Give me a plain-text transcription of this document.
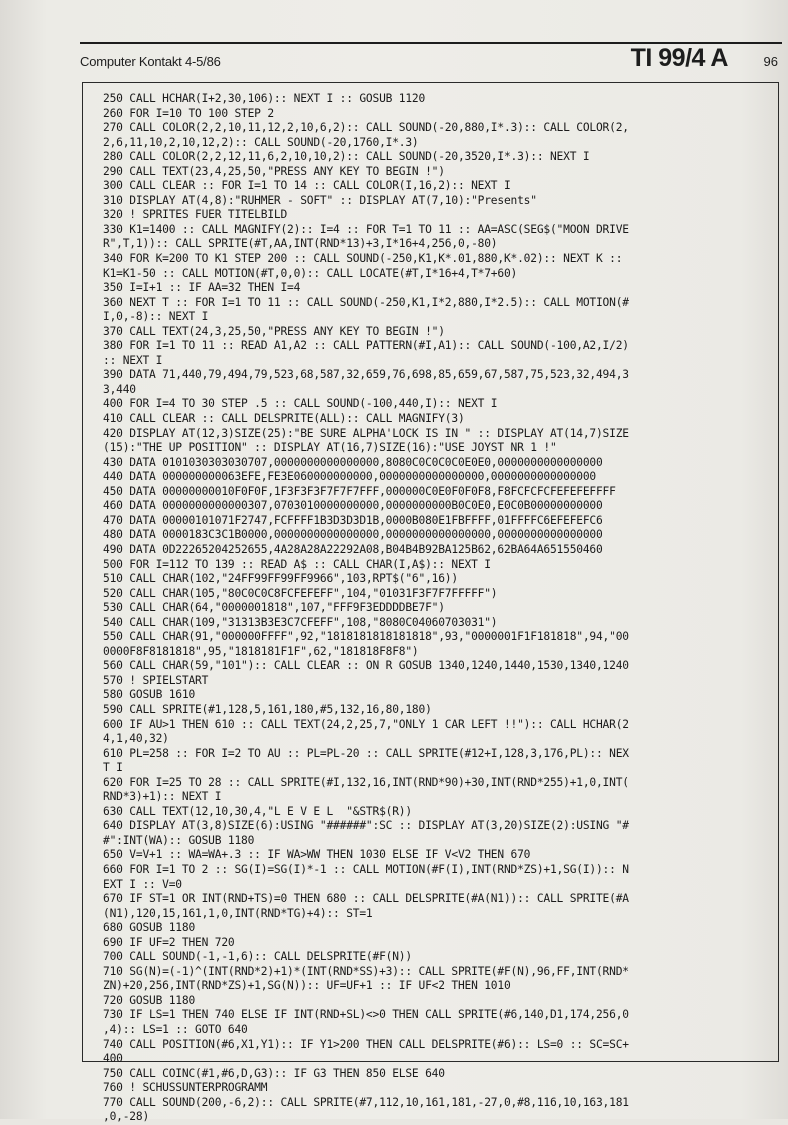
Computer Kontakt 4-5/86	TI 99/4 A	96
250 CALL HCHAR(I+2,30,106):: NEXT I :: GOSUB 1120
260 FOR I=10 TO 100 STEP 2
270 CALL COLOR(2,2,10,11,12,2,10,6,2):: CALL SOUND(-20,880,I*.3):: CALL COLOR(2,
2,6,11,10,2,10,12,2):: CALL SOUND(-20,1760,I*.3)
280 CALL COLOR(2,2,12,11,6,2,10,10,2):: CALL SOUND(-20,3520,I*.3):: NEXT I
290 CALL TEXT(23,4,25,50,"PRESS ANY KEY TO BEGIN !")
300 CALL CLEAR :: FOR I=1 TO 14 :: CALL COLOR(I,16,2):: NEXT I
310 DISPLAY AT(4,8):"RUHMER - SOFT" :: DISPLAY AT(7,10):"Presents"
320 ! SPRITES FUER TITELBILD
330 K1=1400 :: CALL MAGNIFY(2):: I=4 :: FOR T=1 TO 11 :: AA=ASC(SEG$("MOON DRIVE
R",T,1)):: CALL SPRITE(#T,AA,INT(RND*13)+3,I*16+4,256,0,-80)
340 FOR K=200 TO K1 STEP 200 :: CALL SOUND(-250,K1,K*.01,880,K*.02):: NEXT K ::
K1=K1-50 :: CALL MOTION(#T,0,0):: CALL LOCATE(#T,I*16+4,T*7+60)
350 I=I+1 :: IF AA=32 THEN I=4
360 NEXT T :: FOR I=1 TO 11 :: CALL SOUND(-250,K1,I*2,880,I*2.5):: CALL MOTION(#
I,0,-8):: NEXT I
370 CALL TEXT(24,3,25,50,"PRESS ANY KEY TO BEGIN !")
380 FOR I=1 TO 11 :: READ A1,A2 :: CALL PATTERN(#I,A1):: CALL SOUND(-100,A2,I/2)
:: NEXT I
390 DATA 71,440,79,494,79,523,68,587,32,659,76,698,85,659,67,587,75,523,32,494,3
3,440
400 FOR I=4 TO 30 STEP .5 :: CALL SOUND(-100,440,I):: NEXT I
410 CALL CLEAR :: CALL DELSPRITE(ALL):: CALL MAGNIFY(3)
420 DISPLAY AT(12,3)SIZE(25):"BE SURE ALPHA'LOCK IS IN " :: DISPLAY AT(14,7)SIZE
(15):"THE UP POSITION" :: DISPLAY AT(16,7)SIZE(16):"USE JOYST NR 1 !"
430 DATA 0101030303030707,0000000000000000,8080C0C0C0C0E0E0,0000000000000000
440 DATA 000000000063EFE,FE3E060000000000,0000000000000000,0000000000000000
450 DATA 00000000010F0F0F,1F3F3F3F7F7F7FFF,000000C0E0F0F0F8,F8FCFCFCFEFEFEFFFF
460 DATA 0000000000000307,0703010000000000,0000000000B0C0E0,E0C0B00000000000
470 DATA 00000101071F2747,FCFFFF1B3D3D3D1B,0000B080E1FBFFFF,01FFFFC6EFEFEFC6
480 DATA 0000183C3C1B0000,0000000000000000,0000000000000000,0000000000000000
490 DATA 0D22265204252655,4A28A28A22292A08,B04B4B92BA125B62,62BA64A651550460
500 FOR I=112 TO 139 :: READ A$ :: CALL CHAR(I,A$):: NEXT I
510 CALL CHAR(102,"24FF99FF99FF9966",103,RPT$("6",16))
520 CALL CHAR(105,"80C0C0C8FCFEFEFF",104,"01031F3F7F7FFFFF")
530 CALL CHAR(64,"0000001818",107,"FFF9F3EDDDDBE7F")
540 CALL CHAR(109,"31313B3E3C7CFEFF",108,"8080C04060703031")
550 CALL CHAR(91,"000000FFFF",92,"1818181818181818",93,"0000001F1F181818",94,"00
0000F8F8181818",95,"1818181F1F",62,"181818F8F8")
560 CALL CHAR(59,"101"):: CALL CLEAR :: ON R GOSUB 1340,1240,1440,1530,1340,1240
570 ! SPIELSTART
580 GOSUB 1610
590 CALL SPRITE(#1,128,5,161,180,#5,132,16,80,180)
600 IF AU>1 THEN 610 :: CALL TEXT(24,2,25,7,"ONLY 1 CAR LEFT !!"):: CALL HCHAR(2
4,1,40,32)
610 PL=258 :: FOR I=2 TO AU :: PL=PL-20 :: CALL SPRITE(#12+I,128,3,176,PL):: NEX
T I
620 FOR I=25 TO 28 :: CALL SPRITE(#I,132,16,INT(RND*90)+30,INT(RND*255)+1,0,INT(
RND*3)+1):: NEXT I
630 CALL TEXT(12,10,30,4,"L E V E L  "&STR$(R))
640 DISPLAY AT(3,8)SIZE(6):USING "######":SC :: DISPLAY AT(3,20)SIZE(2):USING "#
#":INT(WA):: GOSUB 1180
650 V=V+1 :: WA=WA+.3 :: IF WA>WW THEN 1030 ELSE IF V<V2 THEN 670
660 FOR I=1 TO 2 :: SG(I)=SG(I)*-1 :: CALL MOTION(#F(I),INT(RND*ZS)+1,SG(I)):: N
EXT I :: V=0
670 IF ST=1 OR INT(RND+TS)=0 THEN 680 :: CALL DELSPRITE(#A(N1)):: CALL SPRITE(#A
(N1),120,15,161,1,0,INT(RND*TG)+4):: ST=1
680 GOSUB 1180
690 IF UF=2 THEN 720
700 CALL SOUND(-1,-1,6):: CALL DELSPRITE(#F(N))
710 SG(N)=(-1)^(INT(RND*2)+1)*(INT(RND*SS)+3):: CALL SPRITE(#F(N),96,FF,INT(RND*
ZN)+20,256,INT(RND*ZS)+1,SG(N)):: UF=UF+1 :: IF UF<2 THEN 1010
720 GOSUB 1180
730 IF LS=1 THEN 740 ELSE IF INT(RND+SL)<>0 THEN CALL SPRITE(#6,140,D1,174,256,0
,4):: LS=1 :: GOTO 640
740 CALL POSITION(#6,X1,Y1):: IF Y1>200 THEN CALL DELSPRITE(#6):: LS=0 :: SC=SC+
400
750 CALL COINC(#1,#6,D,G3):: IF G3 THEN 850 ELSE 640
760 ! SCHUSSUNTERPROGRAMM
770 CALL SOUND(200,-6,2):: CALL SPRITE(#7,112,10,161,181,-27,0,#8,116,10,163,181
,0,-28)
